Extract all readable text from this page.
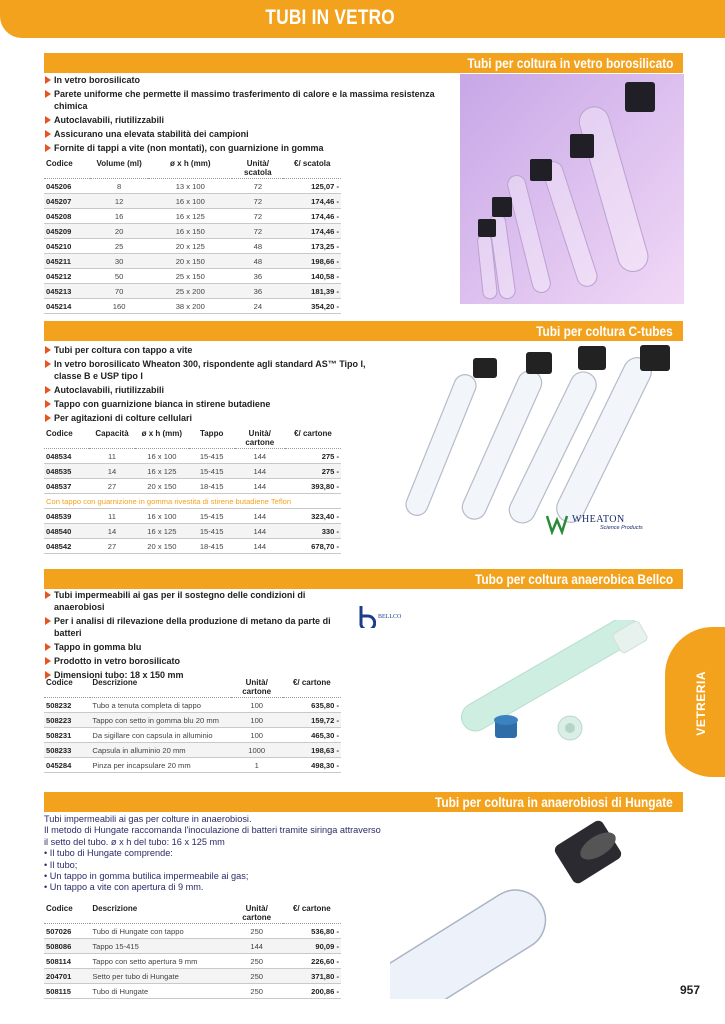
TUBI IN VETRO
Tubi per coltura in vetro borosilicato
In vetro borosilicato
Parete uniforme che permette il massimo trasferimento di calore e la massima resistenza chimica
Autoclavabili, riutilizzabili
Assicurano una elevata stabilità dei campioni
Fornite di tappi a vite (non montati), con guarnizione in gomma
Codice	Volume (ml)	ø x h (mm)	Unità/ scatola	€/ scatola
045206	8	13 x 100	72	125,07 -
045207	12	16 x 100	72	174,46 -
045208	16	16 x 125	72	174,46 -
045209	20	16 x 150	72	174,46 -
045210	25	20 x 125	48	173,25 -
045211	30	20 x 150	48	198,66 -
045212	50	25 x 150	36	140,58 -
045213	70	25 x 200	36	181,39 -
045214	160	38 x 200	24	354,20 -
Tubi per coltura C-tubes
Tubi per coltura con tappo a vite
In vetro borosilicato Wheaton 300, rispondente agli standard AS™ Tipo I, classe B e USP tipo I
Autoclavabili, riutilizzabili
Tappo con guarnizione bianca in stirene butadiene
Per agitazioni di colture cellulari
WHEATON
Science Products
Codice	Capacità	ø x h (mm)	Tappo	Unità/ cartone	€/ cartone
048534	11	16 x 100	15-415	144	275 -
048535	14	16 x 125	15-415	144	275 -
048537	27	20 x 150	18-415	144	393,80 -
Con tappo con guarnizione in gomma rivestita di stirene butadiene Teflon					
048539	11	16 x 100	15-415	144	323,40 -
048540	14	16 x 125	15-415	144	330 -
048542	27	20 x 150	18-415	144	678,70 -
Tubo per coltura anaerobica Bellco
Tubi impermeabili ai gas per il sostegno delle condizioni di anaerobiosi
Per i analisi di rilevazione della produzione di metano da parte di batteri
Tappo in gomma blu
Prodotto in vetro borosilicato
Dimensioni tubo: 18 x 150 mm
BELLCO
Codice	Descrizione	Unità/ cartone	€/ cartone
508232	Tubo a tenuta completa di tappo	100	635,80 -
508223	Tappo con setto in gomma blu 20 mm	100	159,72 -
508231	Da sigillare con capsula in alluminio	100	465,30 -
508233	Capsula in alluminio 20 mm	1000	198,63 -
045284	Pinza per incapsulare 20 mm	1	498,30 -
Tubi per coltura in anaerobiosi di Hungate
Tubi impermeabili ai gas per colture in anaerobiosi.
Il metodo di Hungate raccomanda l'inoculazione di batteri tramite siringa attraverso il setto del tubo. ø x h del tubo: 16 x 125 mm
• Il tubo di Hungate comprende:
• Il tubo;
• Un tappo in gomma butilica impermeabile ai gas;
• Un tappo a vite con apertura di 9 mm.
Codice	Descrizione	Unità/ cartone	€/ cartone
507026	Tubo di Hungate con tappo	250	536,80 -
508086	Tappo 15-415	144	90,09 -
508114	Tappo con setto apertura 9 mm	250	226,60 -
204701	Setto per tubo di Hungate	250	371,80 -
508115	Tubo di Hungate	250	200,86 -
VETRERIA
957
